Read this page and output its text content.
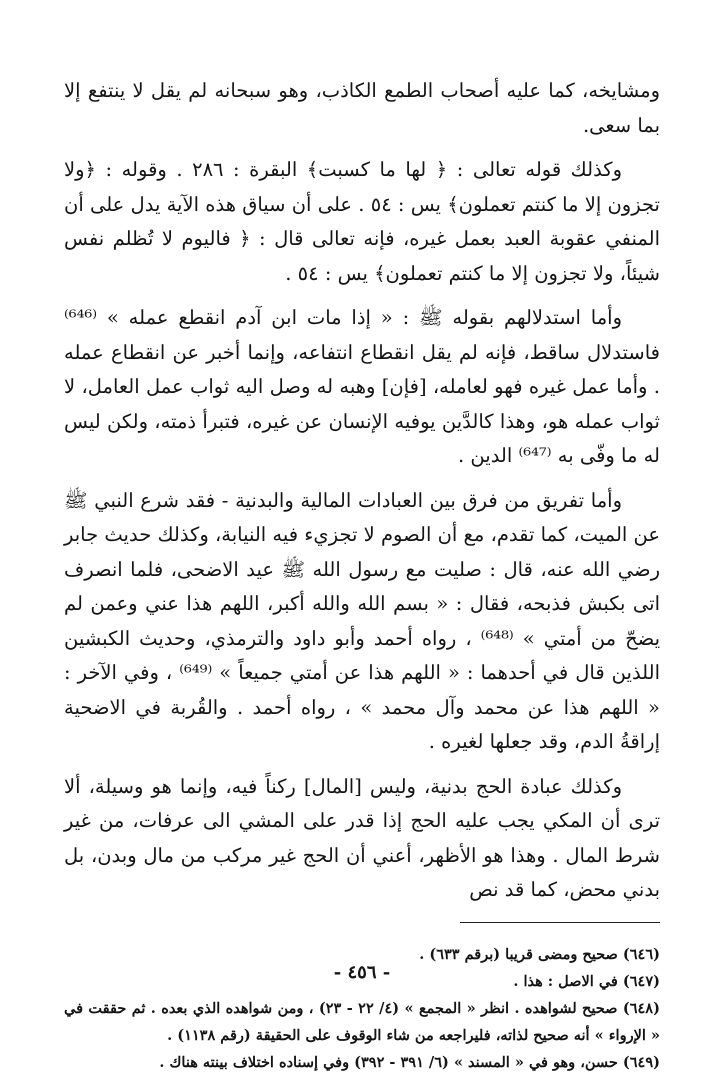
ومشايخه، كما عليه أصحاب الطمع الكاذب، وهو سبحانه لم يقل لا ينتفع إلا بما سعى.

وكذلك قوله تعالى : ﴿ لها ما كسبت﴾ البقرة : ٢٨٦ . وقوله : ﴿ولا تجزون إلا ما كنتم تعملون﴾ يس : ٥٤ . على أن سياق هذه الآية يدل على أن المنفي عقوبة العبد بعمل غيره، فإنه تعالى قال : ﴿ فاليوم لا تُظلم نفس شيئاً، ولا تجزون إلا ما كنتم تعملون﴾ يس : ٥٤ .

وأما استدلالهم بقوله ﷺ : « إذا مات ابن آدم انقطع عمله » ⁽⁶⁴⁶⁾ فاستدلال ساقط، فإنه لم يقل انقطاع انتفاعه، وإنما أخبر عن انقطاع عمله . وأما عمل غيره فهو لعامله، [فإن] وهبه له وصل اليه ثواب عمل العامل، لا ثواب عمله هو، وهذا كالدَّين يوفيه الإنسان عن غيره، فتبرأ ذمته، ولكن ليس له ما وفّى به ⁽⁶⁴⁷⁾ الدين .

وأما تفريق من فرق بين العبادات المالية والبدنية - فقد شرع النبي ﷺ عن الميت، كما تقدم، مع أن الصوم لا تجزيء فيه النيابة، وكذلك حديث جابر رضي الله عنه، قال : صليت مع رسول الله ﷺ عيد الاضحى، فلما انصرف اتى بكبش فذبحه، فقال : « بسم الله والله أكبر، اللهم هذا عني وعمن لم يضحّ من أمتي » ⁽⁶⁴⁸⁾ ، رواه أحمد وأبو داود والترمذي، وحديث الكبشين اللذين قال في أحدهما : « اللهم هذا عن أمتي جميعاً » ⁽⁶⁴⁹⁾ ، وفي الآخر : « اللهم هذا عن محمد وآل محمد » ، رواه أحمد . والقُربة في الاضحية إراقةُ الدم، وقد جعلها لغيره .

وكذلك عبادة الحج بدنية، وليس [المال] ركناً فيه، وإنما هو وسيلة، ألا ترى أن المكي يجب عليه الحج إذا قدر على المشي الى عرفات، من غير شرط المال . وهذا هو الأظهر، أعني أن الحج غير مركب من مال وبدن، بل بدني محض، كما قد نص

(٦٤٦) صحيح ومضى قريبا (برقم ٦٣٣) .

(٦٤٧) في الاصل : هذا .

(٦٤٨) صحيح لشواهده . انظر « المجمع » (٤/ ٢٢ - ٢٣) ، ومن شواهده الذي بعده . ثم حققت في « الإرواء » أنه صحيح لذاته، فليراجعه من شاء الوقوف على الحقيقة (رقم ١١٣٨) .

(٦٤٩) حسن، وهو في « المسند » (٦/ ٣٩١ - ٣٩٢) وفي إسناده اختلاف بينته هناك .

- ٤٥٦ -
